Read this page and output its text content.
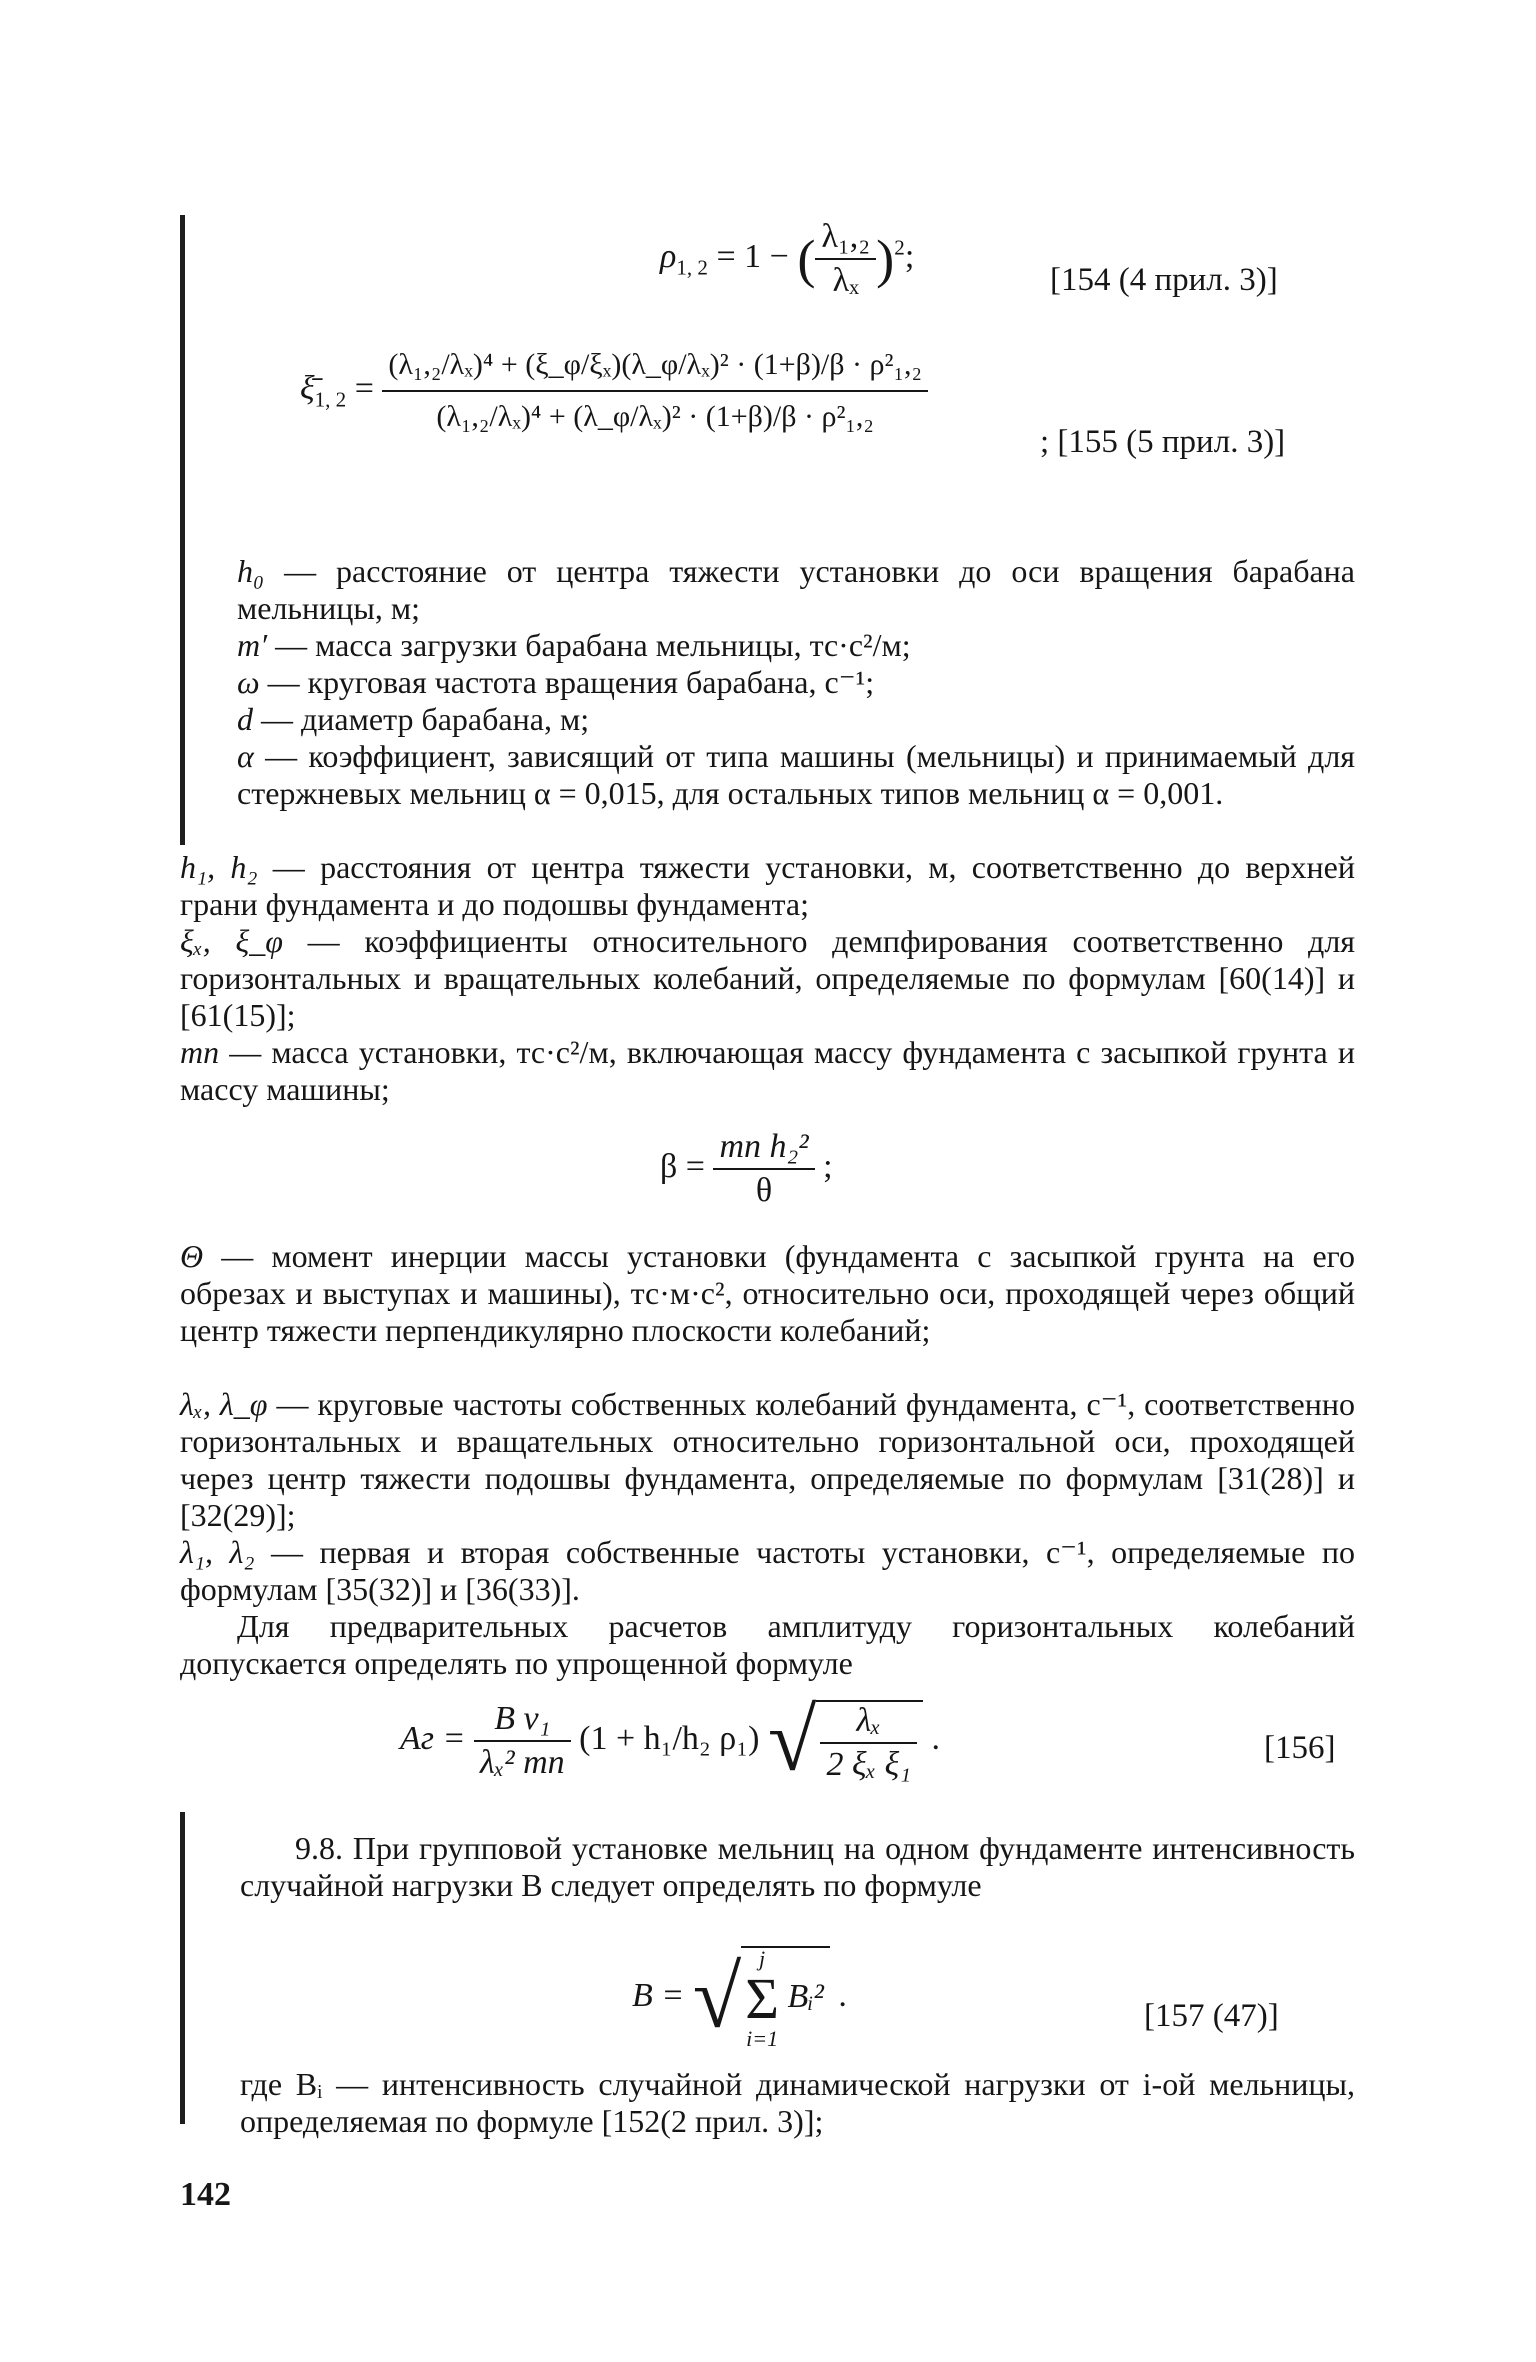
$\rho_{1, 2} = 1$ − ( $\frac{\text{λ₁,₂}}{\text{λₓ}} )^2$;
[154 (4 прил. 3)]
$\xī_{1, 2} = \frac{\text{(λ₁,₂/λₓ)⁴ + (ξ\_φ/ξₓ)(λ\_φ/λₓ)² · (1+β)/β · ρ²₁,₂}}{\text{(λ₁,₂/λₓ)⁴ + (λ\_φ/λₓ)² · (1+β)/β · ρ²₁,₂}}$
; [155 (5 прил. 3)]
h₀ — расстояние от центра тяжести установки до оси вращения барабана мельницы, м;
m′ — масса загрузки барабана мельницы, тс·с²/м;
ω — круговая частота вращения барабана, с⁻¹;
d — диаметр барабана, м;
α — коэффициент, зависящий от типа машины (мельницы) и принимаемый для стержневых мельниц α = 0,015, для остальных типов мельниц α = 0,001.
h₁, h₂ — расстояния от центра тяжести установки, м, соответственно до верхней грани фундамента и до подошвы фундамента;
ξₓ, ξ_φ — коэффициенты относительного демпфирования соответственно для горизонтальных и вращательных колебаний, определяемые по формулам [60(14)] и [61(15)];
mп — масса установки, тс·с²/м, включающая массу фундамента с засыпкой грунта и массу машины;
$\beta = \frac{\text{mп h₂²}}{\theta}$ ;
Θ — момент инерции массы установки (фундамента с засыпкой грунта на его обрезах и выступах и машины), тс·м·с², относительно оси, проходящей через общий центр тяжести перпендикулярно плоскости колебаний;
λₓ, λ_φ — круговые частоты собственных колебаний фундамента, с⁻¹, соответственно горизонтальных и вращательных относительно горизонтальной оси, проходящей через центр тяжести подошвы фундамента, определяемые по формулам [31(28)] и [32(29)];
λ₁, λ₂ — первая и вторая собственные частоты установки, с⁻¹, определяемые по формулам [35(32)] и [36(33)].
Для предварительных расчетов амплитуду горизонтальных колебаний допускается определять по упрощенной формуле
Aг = $\frac{\text{B v₁}}{\text{λₓ² mп}} (1 + h_1/h_2$ ρ₁) √ $\frac{\text{λₓ}}{\text{2 ξₓ ξ₁}}$ .	[156]
9.8. При групповой установке мельниц на одном фундаменте интенсивность случайной нагрузки B следует определять по формуле
B = √ j
Σ
i=1
Bᵢ² .
[157 (47)]
где Bᵢ — интенсивность случайной динамической нагрузки от i-ой мельницы, определяемая по формуле [152(2 прил. 3)];
142
